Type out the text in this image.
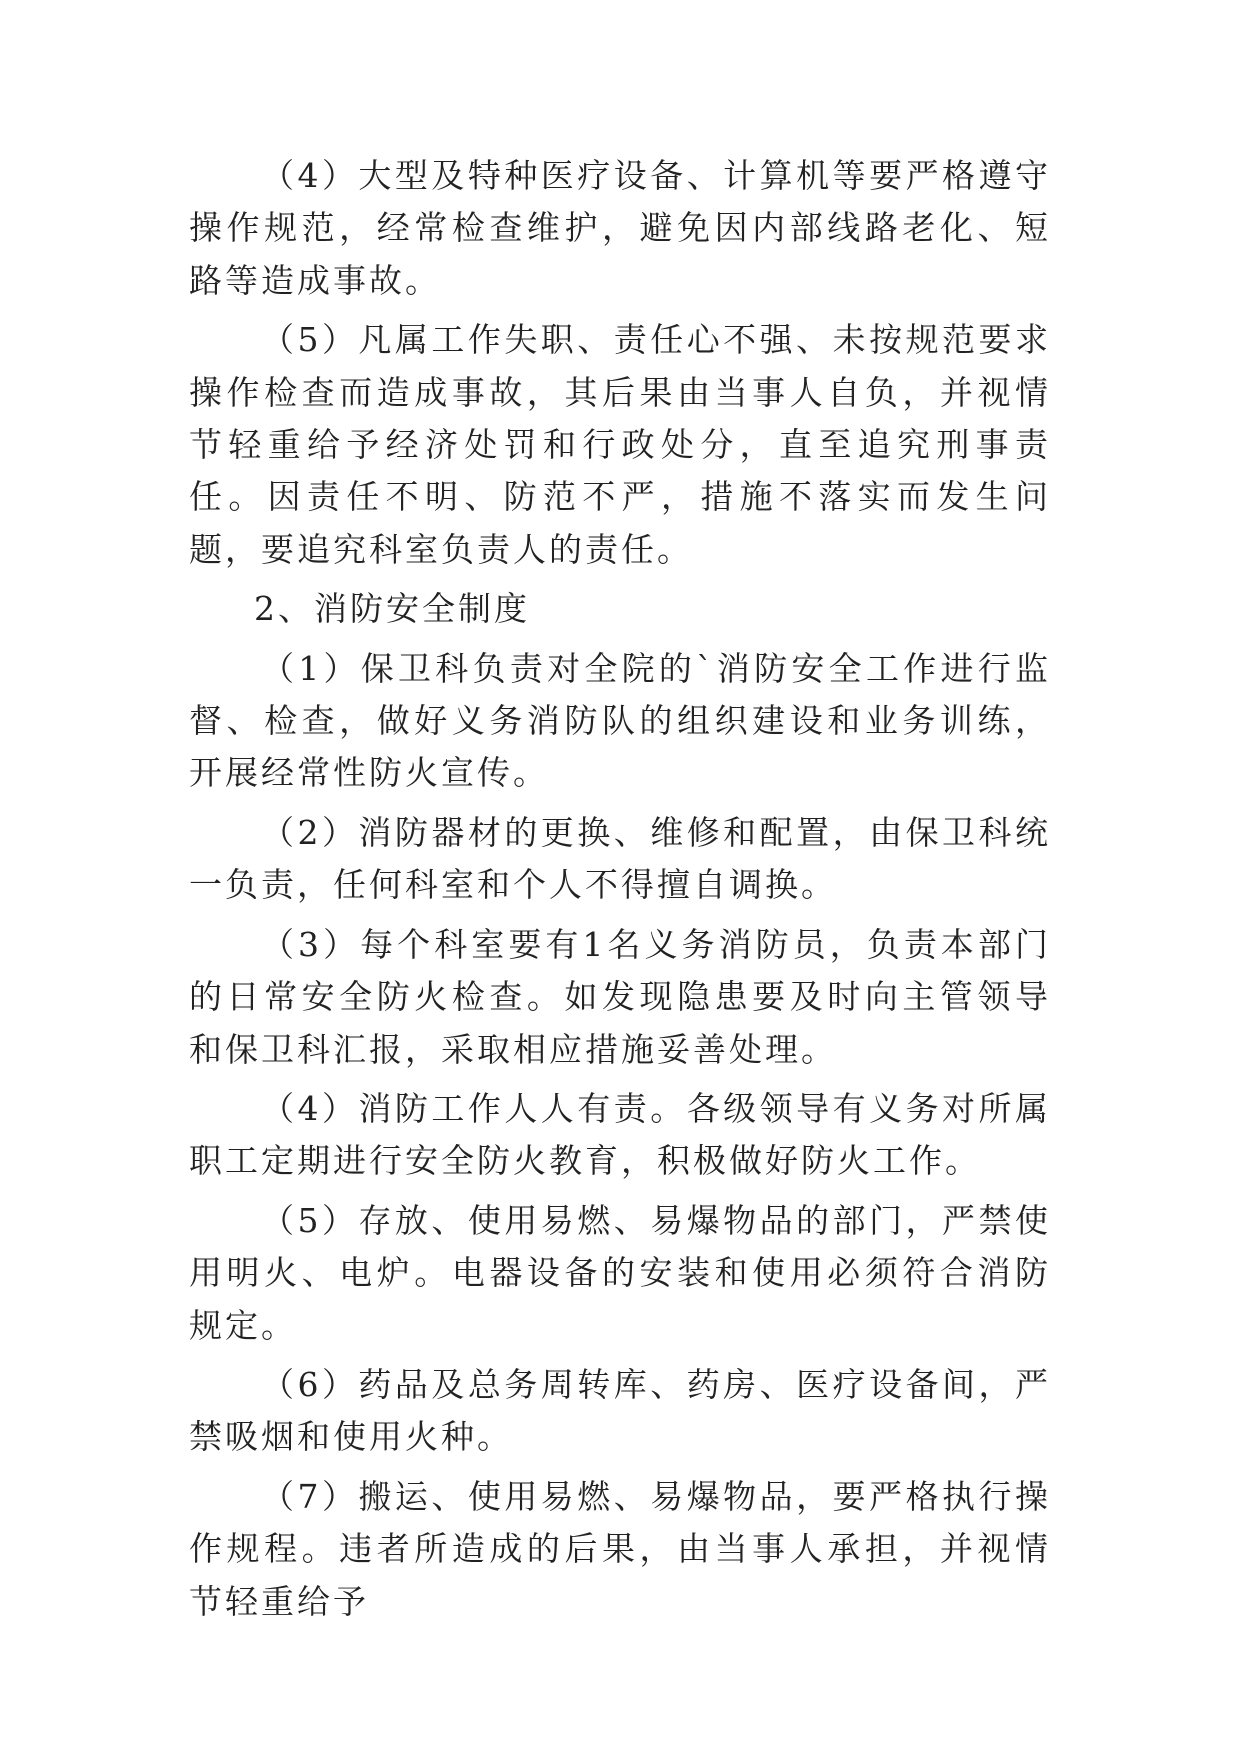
（4）大型及特种医疗设备、计算机等要严格遵守操作规范，经常检查维护，避免因内部线路老化、短路等造成事故。

（5）凡属工作失职、责任心不强、未按规范要求操作检查而造成事故，其后果由当事人自负，并视情节轻重给予经济处罚和行政处分，直至追究刑事责任。因责任不明、防范不严，措施不落实而发生问题，要追究科室负责人的责任。

2、消防安全制度

（1）保卫科负责对全院的`消防安全工作进行监督、检查，做好义务消防队的组织建设和业务训练，开展经常性防火宣传。

（2）消防器材的更换、维修和配置，由保卫科统一负责，任何科室和个人不得擅自调换。

（3）每个科室要有1名义务消防员，负责本部门的日常安全防火检查。如发现隐患要及时向主管领导和保卫科汇报，采取相应措施妥善处理。

（4）消防工作人人有责。各级领导有义务对所属职工定期进行安全防火教育，积极做好防火工作。

（5）存放、使用易燃、易爆物品的部门，严禁使用明火、电炉。电器设备的安装和使用必须符合消防规定。

（6）药品及总务周转库、药房、医疗设备间，严禁吸烟和使用火种。

（7）搬运、使用易燃、易爆物品，要严格执行操作规程。违者所造成的后果，由当事人承担，并视情节轻重给予
